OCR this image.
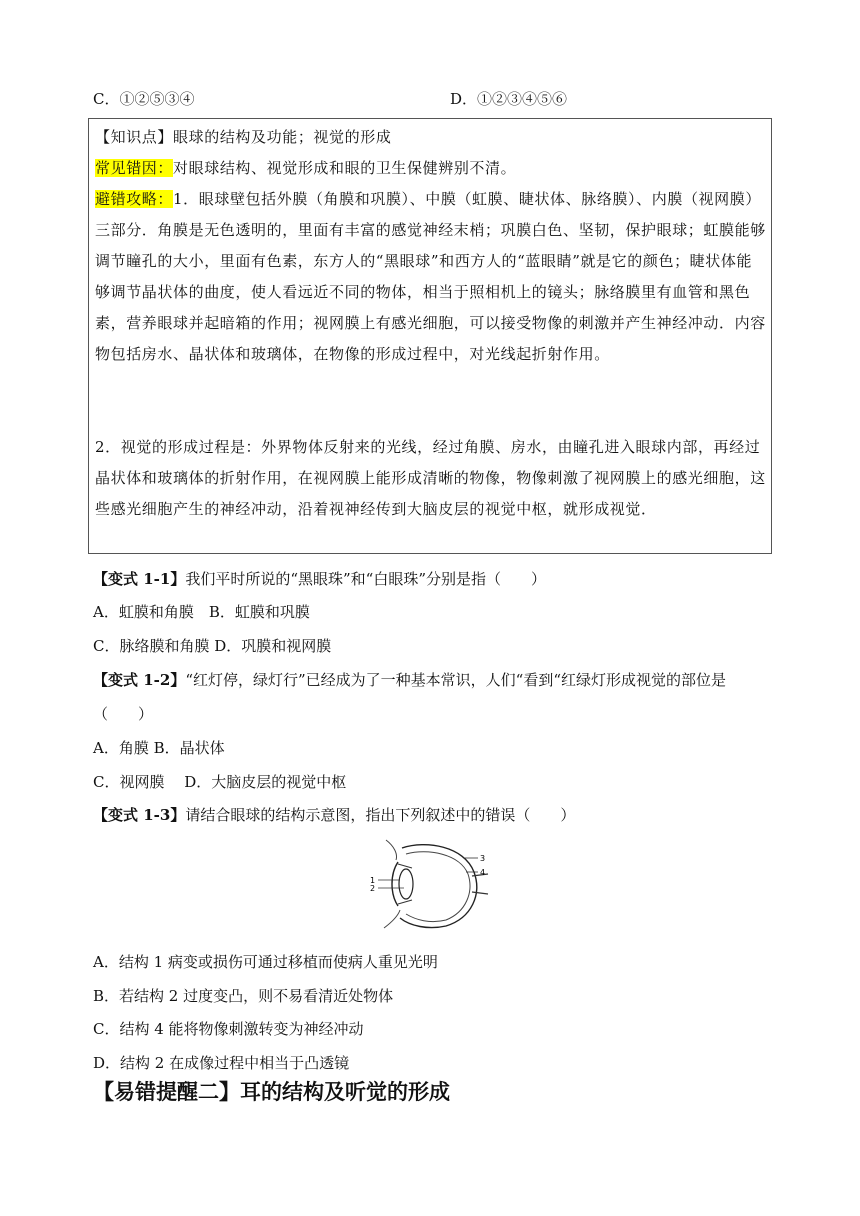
C．①②⑤③④	D．①②③④⑤⑥

【知识点】眼球的结构及功能；视觉的形成

常见错因：对眼球结构、视觉形成和眼的卫生保健辨别不清。

避错攻略：1．眼球壁包括外膜（角膜和巩膜）、中膜（虹膜、睫状体、脉络膜）、内膜（视网膜）三部分．角膜是无色透明的，里面有丰富的感觉神经末梢；巩膜白色、坚韧，保护眼球；虹膜能够调节瞳孔的大小，里面有色素，东方人的“黑眼球”和西方人的“蓝眼睛”就是它的颜色；睫状体能够调节晶状体的曲度，使人看远近不同的物体，相当于照相机上的镜头；脉络膜里有血管和黑色素，营养眼球并起暗箱的作用；视网膜上有感光细胞，可以接受物像的刺激并产生神经冲动．内容物包括房水、晶状体和玻璃体，在物像的形成过程中，对光线起折射作用。

2．视觉的形成过程是：外界物体反射来的光线，经过角膜、房水，由瞳孔进入眼球内部，再经过晶状体和玻璃体的折射作用，在视网膜上能形成清晰的物像，物像刺激了视网膜上的感光细胞，这些感光细胞产生的神经冲动，沿着视神经传到大脑皮层的视觉中枢，就形成视觉．

【变式 1-1】我们平时所说的“黑眼珠”和“白眼珠”分别是指（　　）
A．虹膜和角膜　B．虹膜和巩膜
C．脉络膜和角膜 D．巩膜和视网膜
【变式 1-2】“红灯停，绿灯行”已经成为了一种基本常识，人们“看到“红绿灯形成视觉的部位是
（　　）
A．角膜 B．晶状体
C．视网膜　 D．大脑皮层的视觉中枢
【变式 1-3】请结合眼球的结构示意图，指出下列叙述中的错误（　　）
1
2
3
4
A．结构 1 病变或损伤可通过移植而使病人重见光明
B．若结构 2 过度变凸，则不易看清近处物体
C．结构 4 能将物像刺激转变为神经冲动
D．结构 2 在成像过程中相当于凸透镜
【易错提醒二】耳的结构及听觉的形成
